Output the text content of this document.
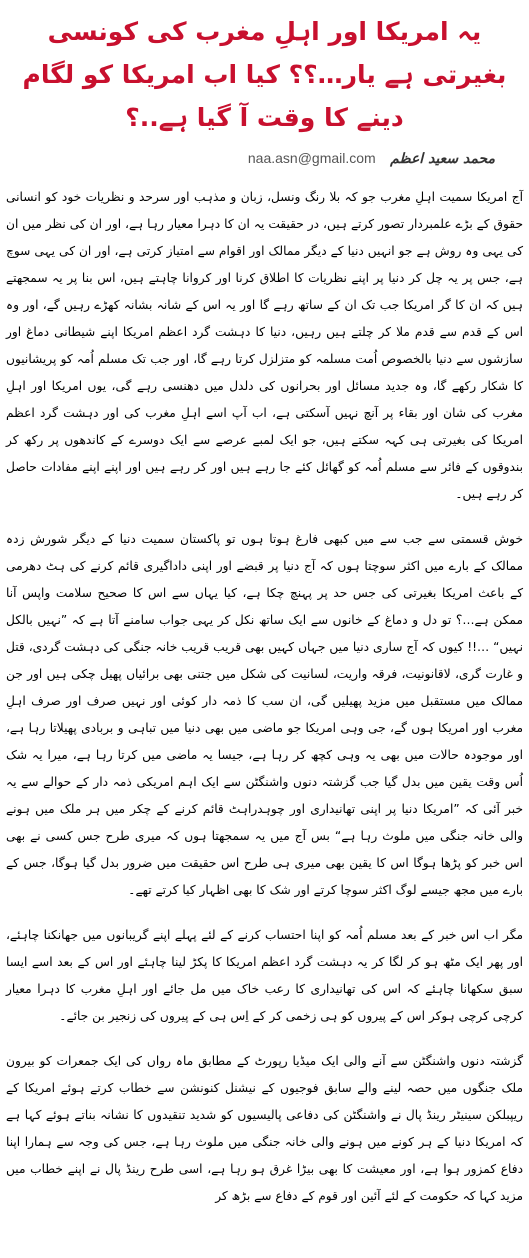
یہ امریکا اور اہلِ مغرب کی کونسی بغیرتی ہے یار…؟؟ کیا اب امریکا کو لگام دینے کا وقت آ گیا ہے..؟
naa.asn@gmail.com محمد سعید اعظم

آج امریکا سمیت اہلِ مغرب جو کہ بلا رنگ ونسل، زبان و مذہب اور سرحد و نظریات خود کو انسانی حقوق کے بڑے علمبردار تصور کرتے ہیں، در حقیقت یہ ان کا دہرا معیار رہا ہے، اور ان کی نظر میں ان کی یہی وہ روش ہے جو انہیں دنیا کے دیگر ممالک اور اقوام سے امتیاز کرتی ہے، اور ان کی یہی سوچ ہے، جس پر یہ چل کر دنیا پر اپنے نظریات کا اطلاق کرنا اور کروانا چاہتے ہیں، اس بنا پر یہ سمجھتے ہیں کہ ان کا گر امریکا جب تک ان کے ساتھ رہے گا اور یہ اس کے شانہ بشانہ کھڑے رہیں گے، اور وہ اس کے قدم سے قدم ملا کر چلتے ہیں رہیں، دنیا کا دہشت گرد اعظم امریکا اپنے شیطانی دماغ اور سازشوں سے دنیا بالخصوص اُمت مسلمہ کو متزلزل کرتا رہے گا، اور جب تک مسلم اُمہ کو پریشانیوں کا شکار رکھے گا، وہ جدید مسائل اور بحرانوں کی دلدل میں دھنسی رہے گی، یوں امریکا اور اہلِ مغرب کی شان اور بقاء پر آنچ نہیں آسکتی ہے، اب آپ اسے اہلِ مغرب کی اور دہشت گرد اعظم امریکا کی بغیرتی ہی کہہ سکتے ہیں، جو ایک لمبے عرصے سے ایک دوسرے کے کاندھوں پر رکھ کر بندوقوں کے فائر سے مسلم اُمہ کو گھائل کئے جا رہے ہیں اور کر رہے ہیں اور اپنے اپنے مفادات حاصل کر رہے ہیں۔

خوش قسمتی سے جب سے میں کبھی فارغ ہوتا ہوں تو پاکستان سمیت دنیا کے دیگر شورش زدہ ممالک کے بارے میں اکثر سوچتا ہوں کہ آج دنیا پر قبضے اور اپنی داداگیری قائم کرنے کی ہٹ دھرمی کے باعث امریکا بغیرتی کی جس حد پر پہنچ چکا ہے، کیا یہاں سے اس کا صحیح سلامت واپس آنا ممکن ہے…؟ تو دل و دماغ کے خانوں سے ایک ساتھ نکل کر یہی جواب سامنے آتا ہے کہ ”نہیں بالکل نہیں“ …!! کیوں کہ آج ساری دنیا میں جہاں کہیں بھی قریب قریب خانہ جنگی کی دہشت گردی، قتل و غارت گری، لاقانونیت، فرقہ واریت، لسانیت کی شکل میں جتنی بھی برائیاں پھیل چکی ہیں اور جن ممالک میں مستقبل میں مزید پھیلیں گی، ان سب کا ذمہ دار کوئی اور نہیں صرف اور صرف اہلِ مغرب اور امریکا ہوں گے، جی وہی امریکا جو ماضی میں بھی دنیا میں تباہی و بربادی پھیلاتا رہا ہے، اور موجودہ حالات میں بھی یہ وہی کچھ کر رہا ہے، جیسا یہ ماضی میں کرتا رہا ہے، میرا یہ شک اُس وقت یقین میں بدل گیا جب گزشتہ دنوں واشنگٹن سے ایک اہم امریکی ذمہ دار کے حوالے سے یہ خبر آئی کہ ”امریکا دنیا پر اپنی تھانیداری اور چوہدراہٹ قائم کرنے کے چکر میں ہر ملک میں ہونے والی خانہ جنگی میں ملوث رہا ہے“ بس آج میں یہ سمجھتا ہوں کہ میری طرح جس کسی نے بھی اس خبر کو پڑھا ہوگا اس کا یقین بھی میری ہی طرح اس حقیقت میں ضرور بدل گیا ہوگا، جس کے بارے میں مجھ جیسے لوگ اکثر سوچا کرتے اور شک کا بھی اظہار کیا کرتے تھے۔

مگر اب اس خبر کے بعد مسلم اُمہ کو اپنا احتساب کرنے کے لئے پہلے اپنے گریبانوں میں جھانکنا چاہئے، اور پھر ایک مٹھ ہو کر لگا کر یہ دہشت گرد اعظم امریکا کا پکڑ لینا چاہئے اور اس کے بعد اسے ایسا سبق سکھانا چاہئے کہ اس کی تھانیداری کا رعب خاک میں مل جائے اور اہلِ مغرب کا دہرا معیار کرچی کرچی ہوکر اس کے پیروں کو ہی زخمی کر کے اِس ہی کے پیروں کی زنجیر بن جائے۔

گزشتہ دنوں واشنگٹن سے آنے والی ایک میڈیا رپورٹ کے مطابق ماہ رواں کی ایک جمعرات کو بیرون ملک جنگوں میں حصہ لینے والے سابق فوجیوں کے نیشنل کنونشن سے خطاب کرتے ہوئے امریکا کے ریپبلکن سینیٹر رینڈ پال نے واشنگٹن کی دفاعی پالیسیوں کو شدید تنقیدوں کا نشانہ بناتے ہوئے کہا ہے کہ امریکا دنیا کے ہر کونے میں ہونے والی خانہ جنگی میں ملوث رہا ہے، جس کی وجہ سے ہمارا اپنا دفاع کمزور ہوا ہے، اور معیشت کا بھی بیڑا غرق ہو رہا ہے، اسی طرح رینڈ پال نے اپنے خطاب میں مزید کہا کہ حکومت کے لئے آئین اور قوم کے دفاع سے بڑھ کر
